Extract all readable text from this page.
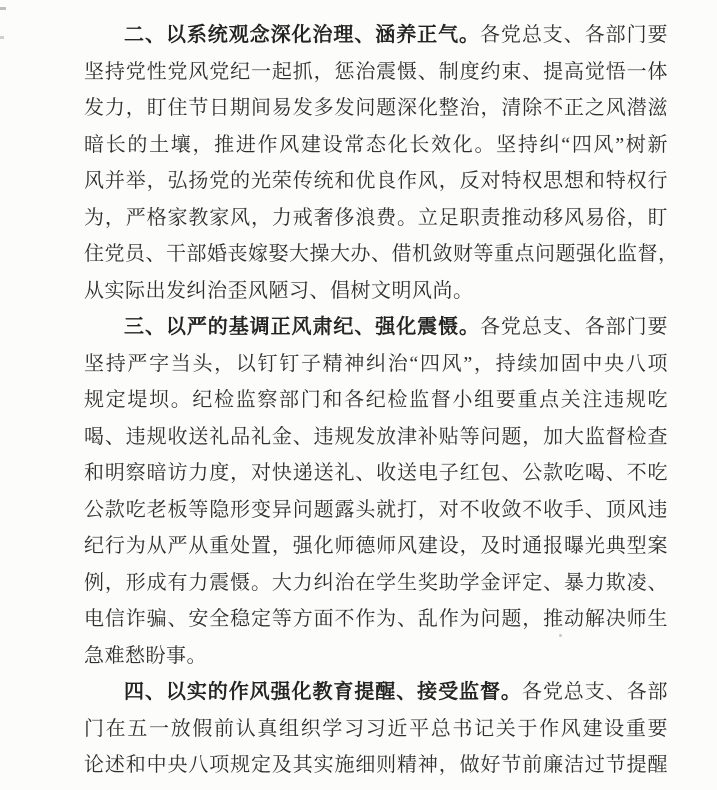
二、以系统观念深化治理、涵养正气。各党总支、各部门要
坚持党性党风党纪一起抓，惩治震慑、制度约束、提高觉悟一体
发力，盯住节日期间易发多发问题深化整治，清除不正之风潜滋
暗长的土壤，推进作风建设常态化长效化。坚持纠“四风”树新
风并举，弘扬党的光荣传统和优良作风，反对特权思想和特权行
为，严格家教家风，力戒奢侈浪费。立足职责推动移风易俗，盯
住党员、干部婚丧嫁娶大操大办、借机敛财等重点问题强化监督，
从实际出发纠治歪风陋习、倡树文明风尚。
三、以严的基调正风肃纪、强化震慑。各党总支、各部门要
坚持严字当头，以钉钉子精神纠治“四风”，持续加固中央八项
规定堤坝。纪检监察部门和各纪检监督小组要重点关注违规吃
喝、违规收送礼品礼金、违规发放津补贴等问题，加大监督检查
和明察暗访力度，对快递送礼、收送电子红包、公款吃喝、不吃
公款吃老板等隐形变异问题露头就打，对不收敛不收手、顶风违
纪行为从严从重处置，强化师德师风建设，及时通报曝光典型案
例，形成有力震慑。大力纠治在学生奖助学金评定、暴力欺凌、
电信诈骗、安全稳定等方面不作为、乱作为问题，推动解决师生
急难愁盼事。
四、以实的作风强化教育提醒、接受监督。各党总支、各部
门在五一放假前认真组织学习习近平总书记关于作风建设重要
论述和中央八项规定及其实施细则精神，做好节前廉洁过节提醒
